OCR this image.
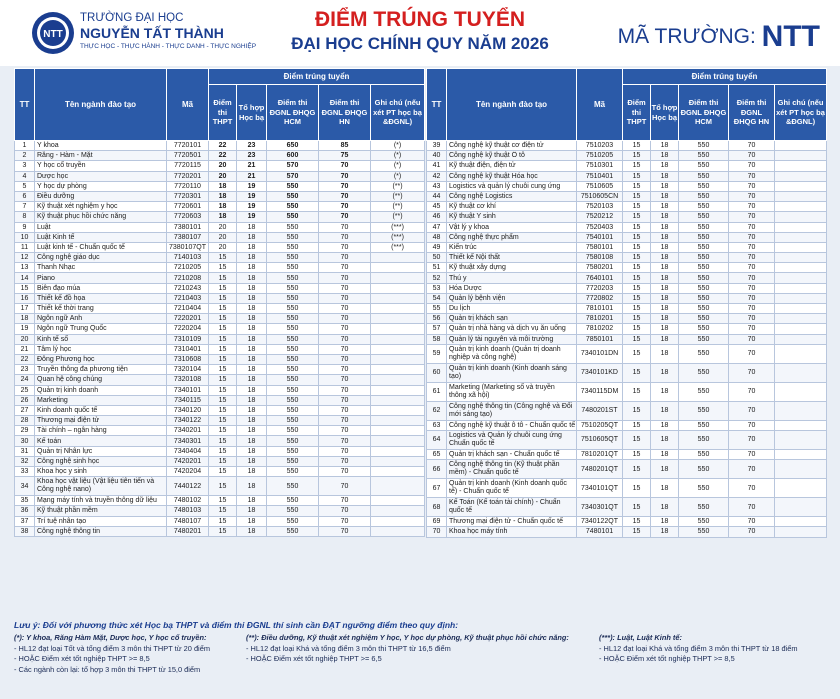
NTT
TRƯỜNG ĐẠI HỌC
NGUYỄN TẤT THÀNH
THỰC HỌC - THỰC HÀNH - THỰC DANH - THỰC NGHIỆP
ĐIỂM TRÚNG TUYỂN
ĐẠI HỌC CHÍNH QUY NĂM 2026	MÃ TRƯỜNG: NTT
TT	Tên ngành đào tạo	Mã	Điểm trúng tuyển				
			Điểm thi THPT	Tổ hợp Học bạ	Điểm thi ĐGNL ĐHQG HCM	Điểm thi ĐGNL ĐHQG HN	Ghi chú (nếu xét PT học bạ &ĐGNL)
1	Y khoa	7720101	22	23	650	85	(*)
2	Răng - Hàm - Mặt	7720501	22	23	600	75	(*)
3	Y học cổ truyền	7720115	20	21	570	70	(*)
4	Dược học	7720201	20	21	570	70	(*)
5	Y học dự phòng	7720110	18	19	550	70	(**)
6	Điều dưỡng	7720301	18	19	550	70	(**)
7	Kỹ thuật xét nghiệm y học	7720601	18	19	550	70	(**)
8	Kỹ thuật phục hồi chức năng	7720603	18	19	550	70	(**)
9	Luật	7380101	20	18	550	70	(***)
10	Luật Kinh tế	7380107	20	18	550	70	(***)
11	Luật kinh tế - Chuẩn quốc tế	7380107QT	20	18	550	70	(***)
12	Công nghệ giáo dục	7140103	15	18	550	70	
13	Thanh Nhạc	7210205	15	18	550	70	
14	Piano	7210208	15	18	550	70	
15	Biên đạo múa	7210243	15	18	550	70	
16	Thiết kế đồ họa	7210403	15	18	550	70	
17	Thiết kế thời trang	7210404	15	18	550	70	
18	Ngôn ngữ Anh	7220201	15	18	550	70	
19	Ngôn ngữ Trung Quốc	7220204	15	18	550	70	
20	Kinh tế số	7310109	15	18	550	70	
21	Tâm lý học	7310401	15	18	550	70	
22	Đông Phương học	7310608	15	18	550	70	
23	Truyền thông đa phương tiện	7320104	15	18	550	70	
24	Quan hệ công chúng	7320108	15	18	550	70	
25	Quản trị kinh doanh	7340101	15	18	550	70	
26	Marketing	7340115	15	18	550	70	
27	Kinh doanh quốc tế	7340120	15	18	550	70	
28	Thương mại điện tử	7340122	15	18	550	70	
29	Tài chính – ngân hàng	7340201	15	18	550	70	
30	Kế toán	7340301	15	18	550	70	
31	Quản trị Nhân lực	7340404	15	18	550	70	
32	Công nghệ sinh học	7420201	15	18	550	70	
33	Khoa học y sinh	7420204	15	18	550	70	
34	Khoa học vật liệu (Vật liệu tiên tiến và Công nghệ nano)	7440122	15	18	550	70	
35	Mạng máy tính và truyền thông dữ liệu	7480102	15	18	550	70	
36	Kỹ thuật phần mềm	7480103	15	18	550	70	
37	Trí tuệ nhân tạo	7480107	15	18	550	70	
38	Công nghệ thông tin	7480201	15	18	550	70	
TT	Tên ngành đào tạo	Mã	Điểm trúng tuyển				
			Điểm thi THPT	Tổ hợp Học bạ	Điểm thi ĐGNL ĐHQG HCM	Điểm thi ĐGNL ĐHQG HN	Ghi chú (nếu xét PT học bạ &ĐGNL)
39	Công nghệ kỹ thuật cơ điện tử	7510203	15	18	550	70	
40	Công nghệ kỹ thuật Ô tô	7510205	15	18	550	70	
41	Kỹ thuật điện, điện tử	7510301	15	18	550	70	
42	Công nghệ kỹ thuật Hóa học	7510401	15	18	550	70	
43	Logistics và quản lý chuỗi cung ứng	7510605	15	18	550	70	
44	Công nghệ Logistics	7510605CN	15	18	550	70	
45	Kỹ thuật cơ khí	7520103	15	18	550	70	
46	Kỹ thuật Y sinh	7520212	15	18	550	70	
47	Vật lý y khoa	7520403	15	18	550	70	
48	Công nghệ thực phẩm	7540101	15	18	550	70	
49	Kiến trúc	7580101	15	18	550	70	
50	Thiết kế Nội thất	7580108	15	18	550	70	
51	Kỹ thuật xây dựng	7580201	15	18	550	70	
52	Thú y	7640101	15	18	550	70	
53	Hóa Dược	7720203	15	18	550	70	
54	Quản lý bệnh viện	7720802	15	18	550	70	
55	Du lịch	7810101	15	18	550	70	
56	Quản trị khách sạn	7810201	15	18	550	70	
57	Quản trị nhà hàng và dịch vụ ăn uống	7810202	15	18	550	70	
58	Quản lý tài nguyên và môi trường	7850101	15	18	550	70	
59	Quản trị kinh doanh (Quản trị doanh nghiệp và công nghệ)	7340101DN	15	18	550	70	
60	Quản trị kinh doanh (Kinh doanh sáng tạo)	7340101KD	15	18	550	70	
61	Marketing (Marketing số và truyền thông xã hội)	7340115DM	15	18	550	70	
62	Công nghệ thông tin (Công nghệ và Đổi mới sáng tạo)	7480201ST	15	18	550	70	
63	Công nghệ kỹ thuật ô tô - Chuẩn quốc tế	7510205QT	15	18	550	70	
64	Logistics và Quản lý chuỗi cung ứng Chuẩn quốc tế	7510605QT	15	18	550	70	
65	Quản trị khách sạn - Chuẩn quốc tế	7810201QT	15	18	550	70	
66	Công nghệ thông tin (Kỹ thuật phần mềm) - Chuẩn quốc tế	7480201QT	15	18	550	70	
67	Quản trị kinh doanh (Kinh doanh quốc tế) - Chuẩn quốc tế	7340101QT	15	18	550	70	
68	Kế Toán (Kế toán tài chính) - Chuẩn quốc tế	7340301QT	15	18	550	70	
69	Thương mại điện tử - Chuẩn quốc tế	7340122QT	15	18	550	70	
70	Khoa học máy tính	7480101	15	18	550	70	
Lưu ý: Đối với phương thức xét Học bạ THPT và điểm thi ĐGNL thí sinh cần ĐẠT ngưỡng điểm theo quy định:
(*): Y khoa, Răng Hàm Mặt, Dược học, Y học cổ truyền:
- HL12 đạt loại Tốt và tổng điểm 3 môn thi THPT từ 20 điểm
- HOẶC Điểm xét tốt nghiệp THPT >= 8,5
- Các ngành còn lại: tổ hợp 3 môn thi THPT từ 15,0 điểm
(**): Điều dưỡng, Kỹ thuật xét nghiệm Y học, Y học dự phòng, Kỹ thuật phục hồi chức năng:
- HL12 đạt loại Khá và tổng điểm 3 môn thi THPT từ 16,5 điểm
- HOẶC Điểm xét tốt nghiệp THPT >= 6,5
(***): Luật, Luật Kinh tế:
- HL12 đạt loại Khá và tổng điểm 3 môn thi THPT từ 18 điểm
- HOẶC Điểm xét tốt nghiệp THPT >= 8,5
